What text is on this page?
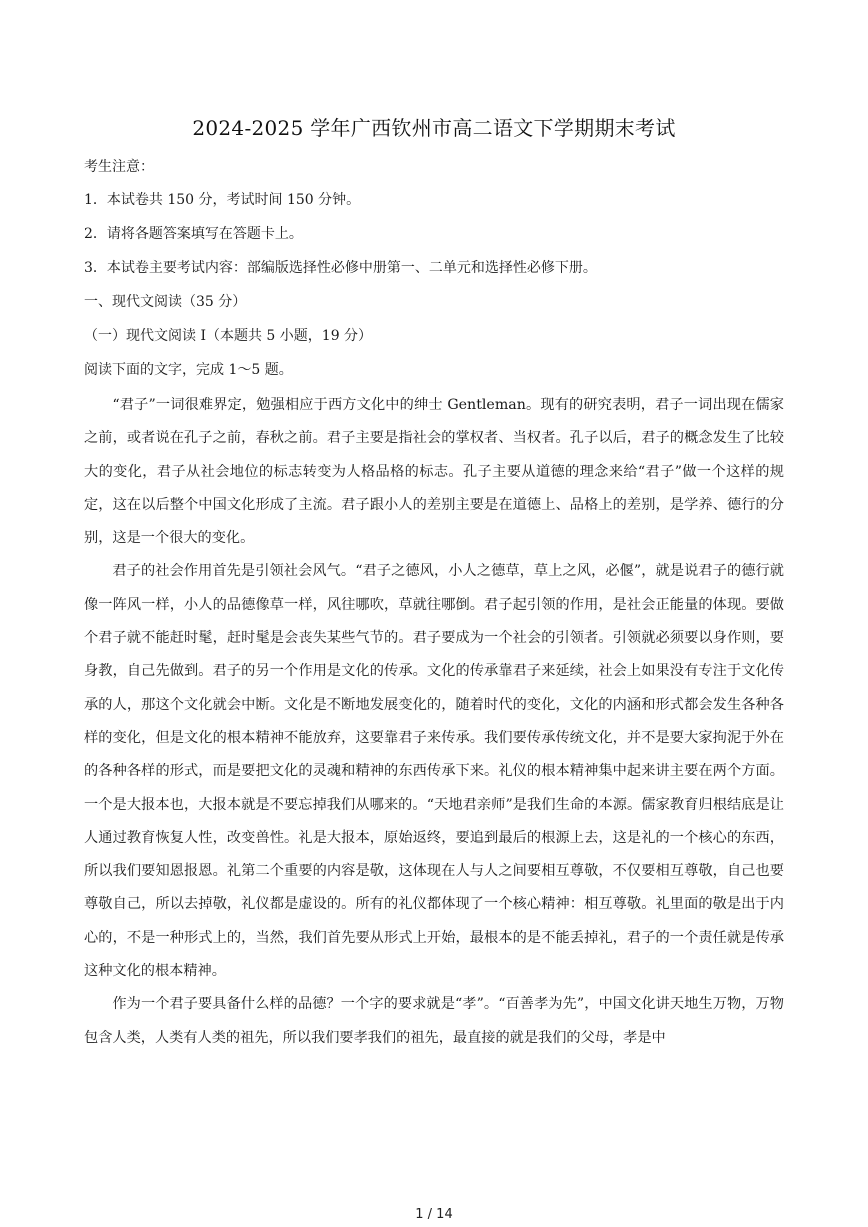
2024-2025 学年广西钦州市高二语文下学期期末考试
考生注意：
1．本试卷共 150 分，考试时间 150 分钟。
2．请将各题答案填写在答题卡上。
3．本试卷主要考试内容：部编版选择性必修中册第一、二单元和选择性必修下册。
一、现代文阅读（35 分）
（一）现代文阅读 I（本题共 5 小题，19 分）
阅读下面的文字，完成 1～5 题。

“君子”一词很难界定，勉强相应于西方文化中的绅士 Gentleman。现有的研究表明，君子一词出现在儒家之前，或者说在孔子之前，春秋之前。君子主要是指社会的掌权者、当权者。孔子以后，君子的概念发生了比较大的变化，君子从社会地位的标志转变为人格品格的标志。孔子主要从道德的理念来给“君子”做一个这样的规定，这在以后整个中国文化形成了主流。君子跟小人的差别主要是在道德上、品格上的差别，是学养、德行的分别，这是一个很大的变化。

君子的社会作用首先是引领社会风气。“君子之德风，小人之德草，草上之风，必偃”，就是说君子的德行就像一阵风一样，小人的品德像草一样，风往哪吹，草就往哪倒。君子起引领的作用，是社会正能量的体现。要做个君子就不能赶时髦，赶时髦是会丧失某些气节的。君子要成为一个社会的引领者。引领就必须要以身作则，要身教，自己先做到。君子的另一个作用是文化的传承。文化的传承靠君子来延续，社会上如果没有专注于文化传承的人，那这个文化就会中断。文化是不断地发展变化的，随着时代的变化，文化的内涵和形式都会发生各种各样的变化，但是文化的根本精神不能放弃，这要靠君子来传承。我们要传承传统文化，并不是要大家拘泥于外在的各种各样的形式，而是要把文化的灵魂和精神的东西传承下来。礼仪的根本精神集中起来讲主要在两个方面。一个是大报本也，大报本就是不要忘掉我们从哪来的。“天地君亲师”是我们生命的本源。儒家教育归根结底是让人通过教育恢复人性，改变兽性。礼是大报本，原始返终，要追到最后的根源上去，这是礼的一个核心的东西，所以我们要知恩报恩。礼第二个重要的内容是敬，这体现在人与人之间要相互尊敬，不仅要相互尊敬，自己也要尊敬自己，所以去掉敬，礼仪都是虚设的。所有的礼仪都体现了一个核心精神：相互尊敬。礼里面的敬是出于内心的，不是一种形式上的，当然，我们首先要从形式上开始，最根本的是不能丢掉礼，君子的一个责任就是传承这种文化的根本精神。

作为一个君子要具备什么样的品德？一个字的要求就是“孝”。“百善孝为先”，中国文化讲天地生万物，万物包含人类，人类有人类的祖先，所以我们要孝我们的祖先，最直接的就是我们的父母，孝是中

1 / 14
